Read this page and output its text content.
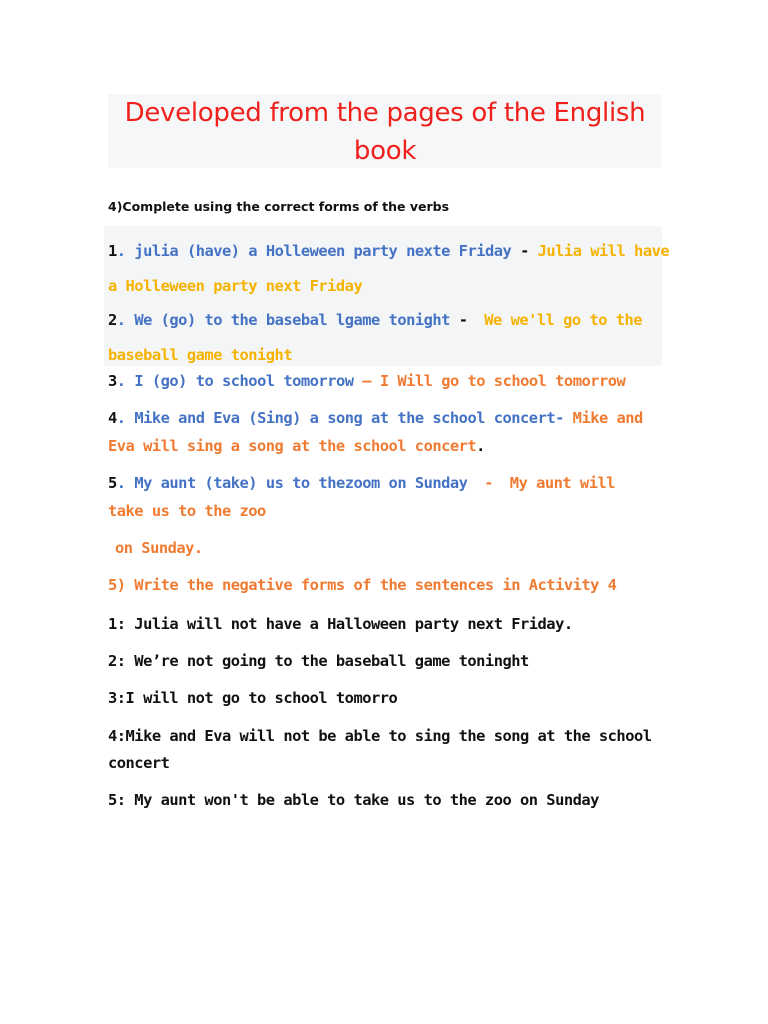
Developed from the pages of the English
book
4)Complete using the correct forms of the verbs
1. julia (have) a Holleween party nexte Friday - Julia will have
a Holleween party next Friday
2. We (go) to the basebal lgame tonight - We we'll go to the
baseball game tonight
3. I (go) to school tomorrow – I Will go to school tomorrow
4. Mike and Eva (Sing) a song at the school concert- Mike and
Eva will sing a song at the school concert.
5. My aunt (take) us to thezoom on Sunday - My aunt will
take us to the zoo
on Sunday.
5) Write the negative forms of the sentences in Activity 4
1: Julia will not have a Halloween party next Friday.
2: We’re not going to the baseball game toninght
3:I will not go to school tomorro
4:Mike and Eva will not be able to sing the song at the school
concert
5: My aunt won't be able to take us to the zoo on Sunday
